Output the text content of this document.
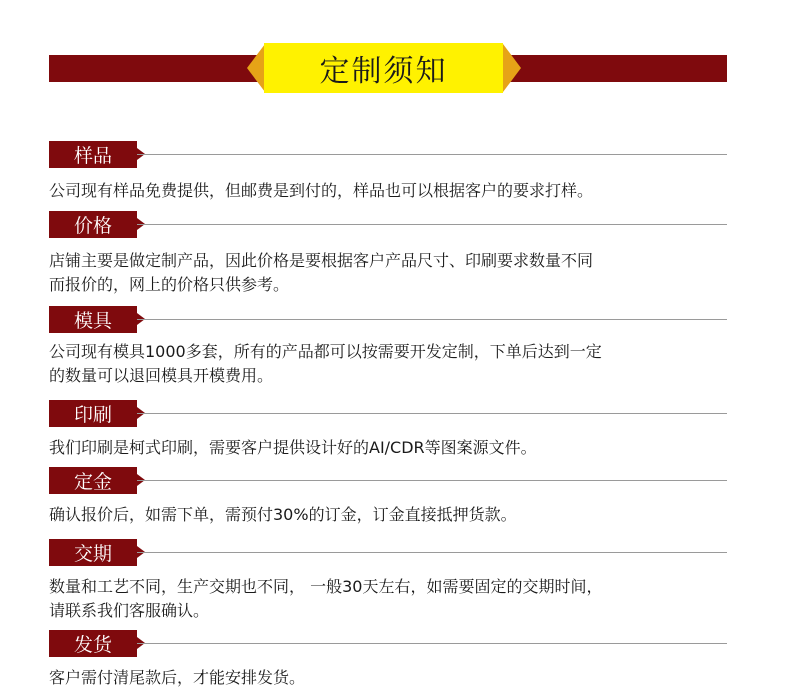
定制须知
样品
公司现有样品免费提供，但邮费是到付的，样品也可以根据客户的要求打样。
价格
店铺主要是做定制产品，因此价格是要根据客户产品尺寸、印刷要求数量不同
而报价的，网上的价格只供参考。
模具
公司现有模具1000多套，所有的产品都可以按需要开发定制，下单后达到一定
的数量可以退回模具开模费用。
印刷
我们印刷是柯式印刷，需要客户提供设计好的AI/CDR等图案源文件。
定金
确认报价后，如需下单，需预付30%的订金，订金直接抵押货款。
交期
数量和工艺不同，生产交期也不同， 一般30天左右，如需要固定的交期时间，
请联系我们客服确认。
发货
客户需付清尾款后，才能安排发货。
